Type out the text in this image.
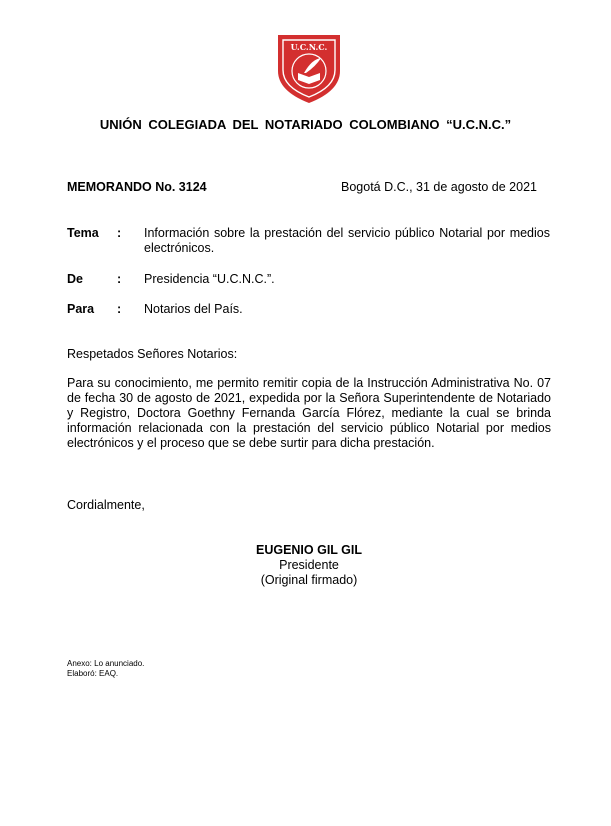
U.C.N.C.
UNIÓN COLEGIADA DEL NOTARIADO COLOMBIANO “U.C.N.C.”
MEMORANDO No. 3124	Bogotá D.C., 31 de agosto de 2021
Tema : Información sobre la prestación del servicio público Notarial por medios electrónicos.
De	: Presidencia “U.C.N.C.”.
Para : Notarios del País.
Respetados Señores Notarios:
Para su conocimiento, me permito remitir copia de la Instrucción Administrativa No. 07 de fecha 30 de agosto de 2021, expedida por la Señora Superintendente de Notariado y Registro, Doctora Goethny Fernanda García Flórez, mediante la cual se brinda información relacionada con la prestación del servicio público Notarial por medios electrónicos y el proceso que se debe surtir para dicha prestación.
Cordialmente,
EUGENIO GIL GIL
Presidente
(Original firmado)
Anexo: Lo anunciado.
Elaboró: EAQ.
